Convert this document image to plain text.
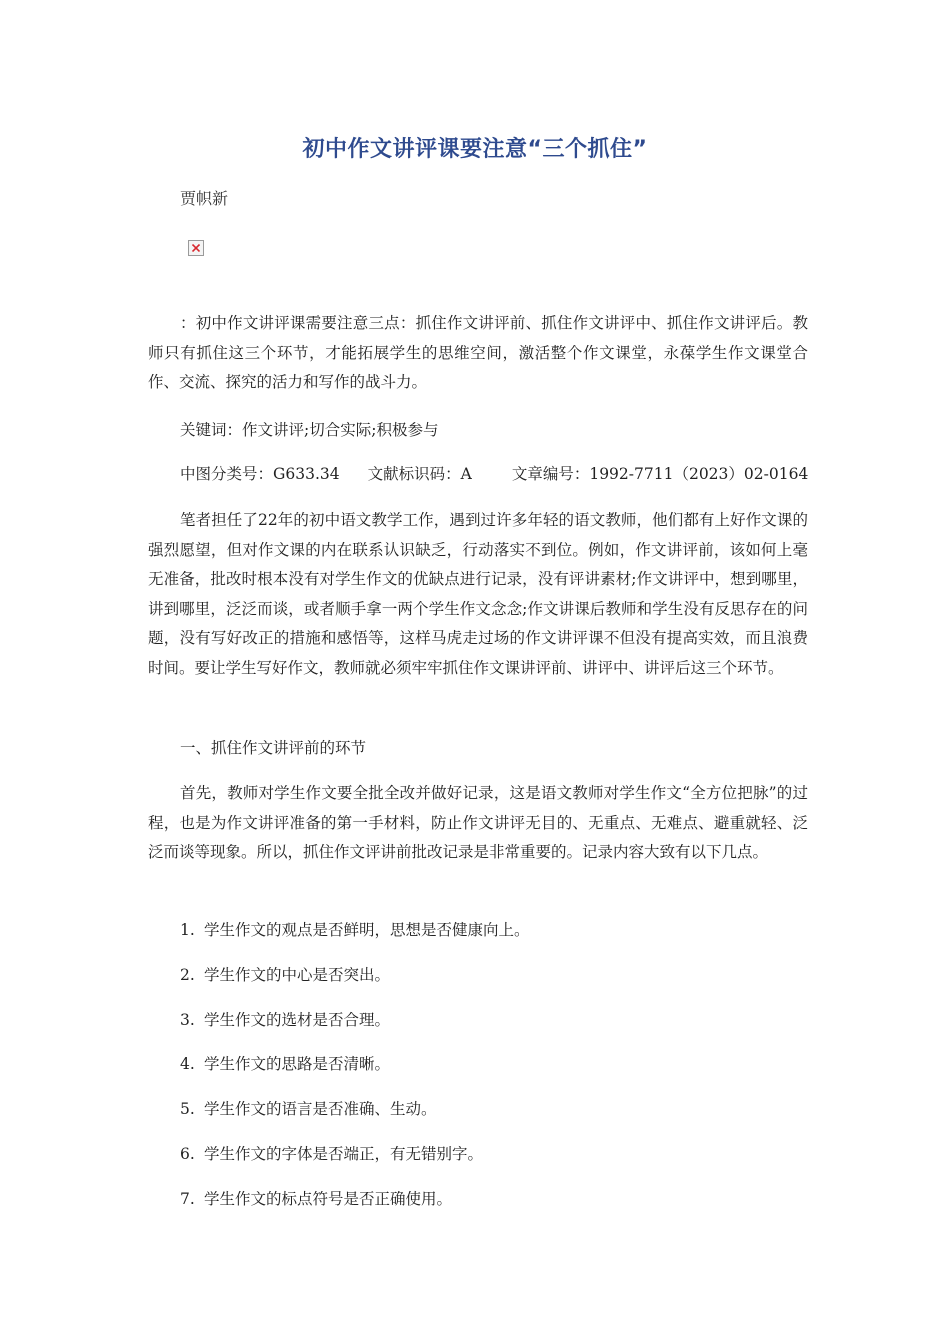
初中作文讲评课要注意“三个抓住”
贾帜新

：初中作文讲评课需要注意三点：抓住作文讲评前、抓住作文讲评中、抓住作文讲评后。教师只有抓住这三个环节，才能拓展学生的思维空间，激活整个作文课堂，永葆学生作文课堂合作、交流、探究的活力和写作的战斗力。

关键词：作文讲评;切合实际;积极参与
中图分类号：G633.34 文献标识码：A	文章编号：1992-7711（2023）02-0164

笔者担任了22年的初中语文教学工作，遇到过许多年轻的语文教师，他们都有上好作文课的强烈愿望，但对作文课的内在联系认识缺乏，行动落实不到位。例如，作文讲评前，该如何上毫无准备，批改时根本没有对学生作文的优缺点进行记录，没有评讲素材;作文讲评中，想到哪里，讲到哪里，泛泛而谈，或者顺手拿一两个学生作文念念;作文讲课后教师和学生没有反思存在的问题，没有写好改正的措施和感悟等，这样马虎走过场的作文讲评课不但没有提高实效，而且浪费时间。要让学生写好作文，教师就必须牢牢抓住作文课讲评前、讲评中、讲评后这三个环节。

一、抓住作文讲评前的环节

首先，教师对学生作文要全批全改并做好记录，这是语文教师对学生作文“全方位把脉”的过程，也是为作文讲评准备的第一手材料，防止作文讲评无目的、无重点、无难点、避重就轻、泛泛而谈等现象。所以，抓住作文评讲前批改记录是非常重要的。记录内容大致有以下几点。

1. 学生作文的观点是否鲜明，思想是否健康向上。
2. 学生作文的中心是否突出。
3. 学生作文的选材是否合理。
4. 学生作文的思路是否清晰。
5. 学生作文的语言是否准确、生动。
6. 学生作文的字体是否端正，有无错别字。
7. 学生作文的标点符号是否正确使用。
